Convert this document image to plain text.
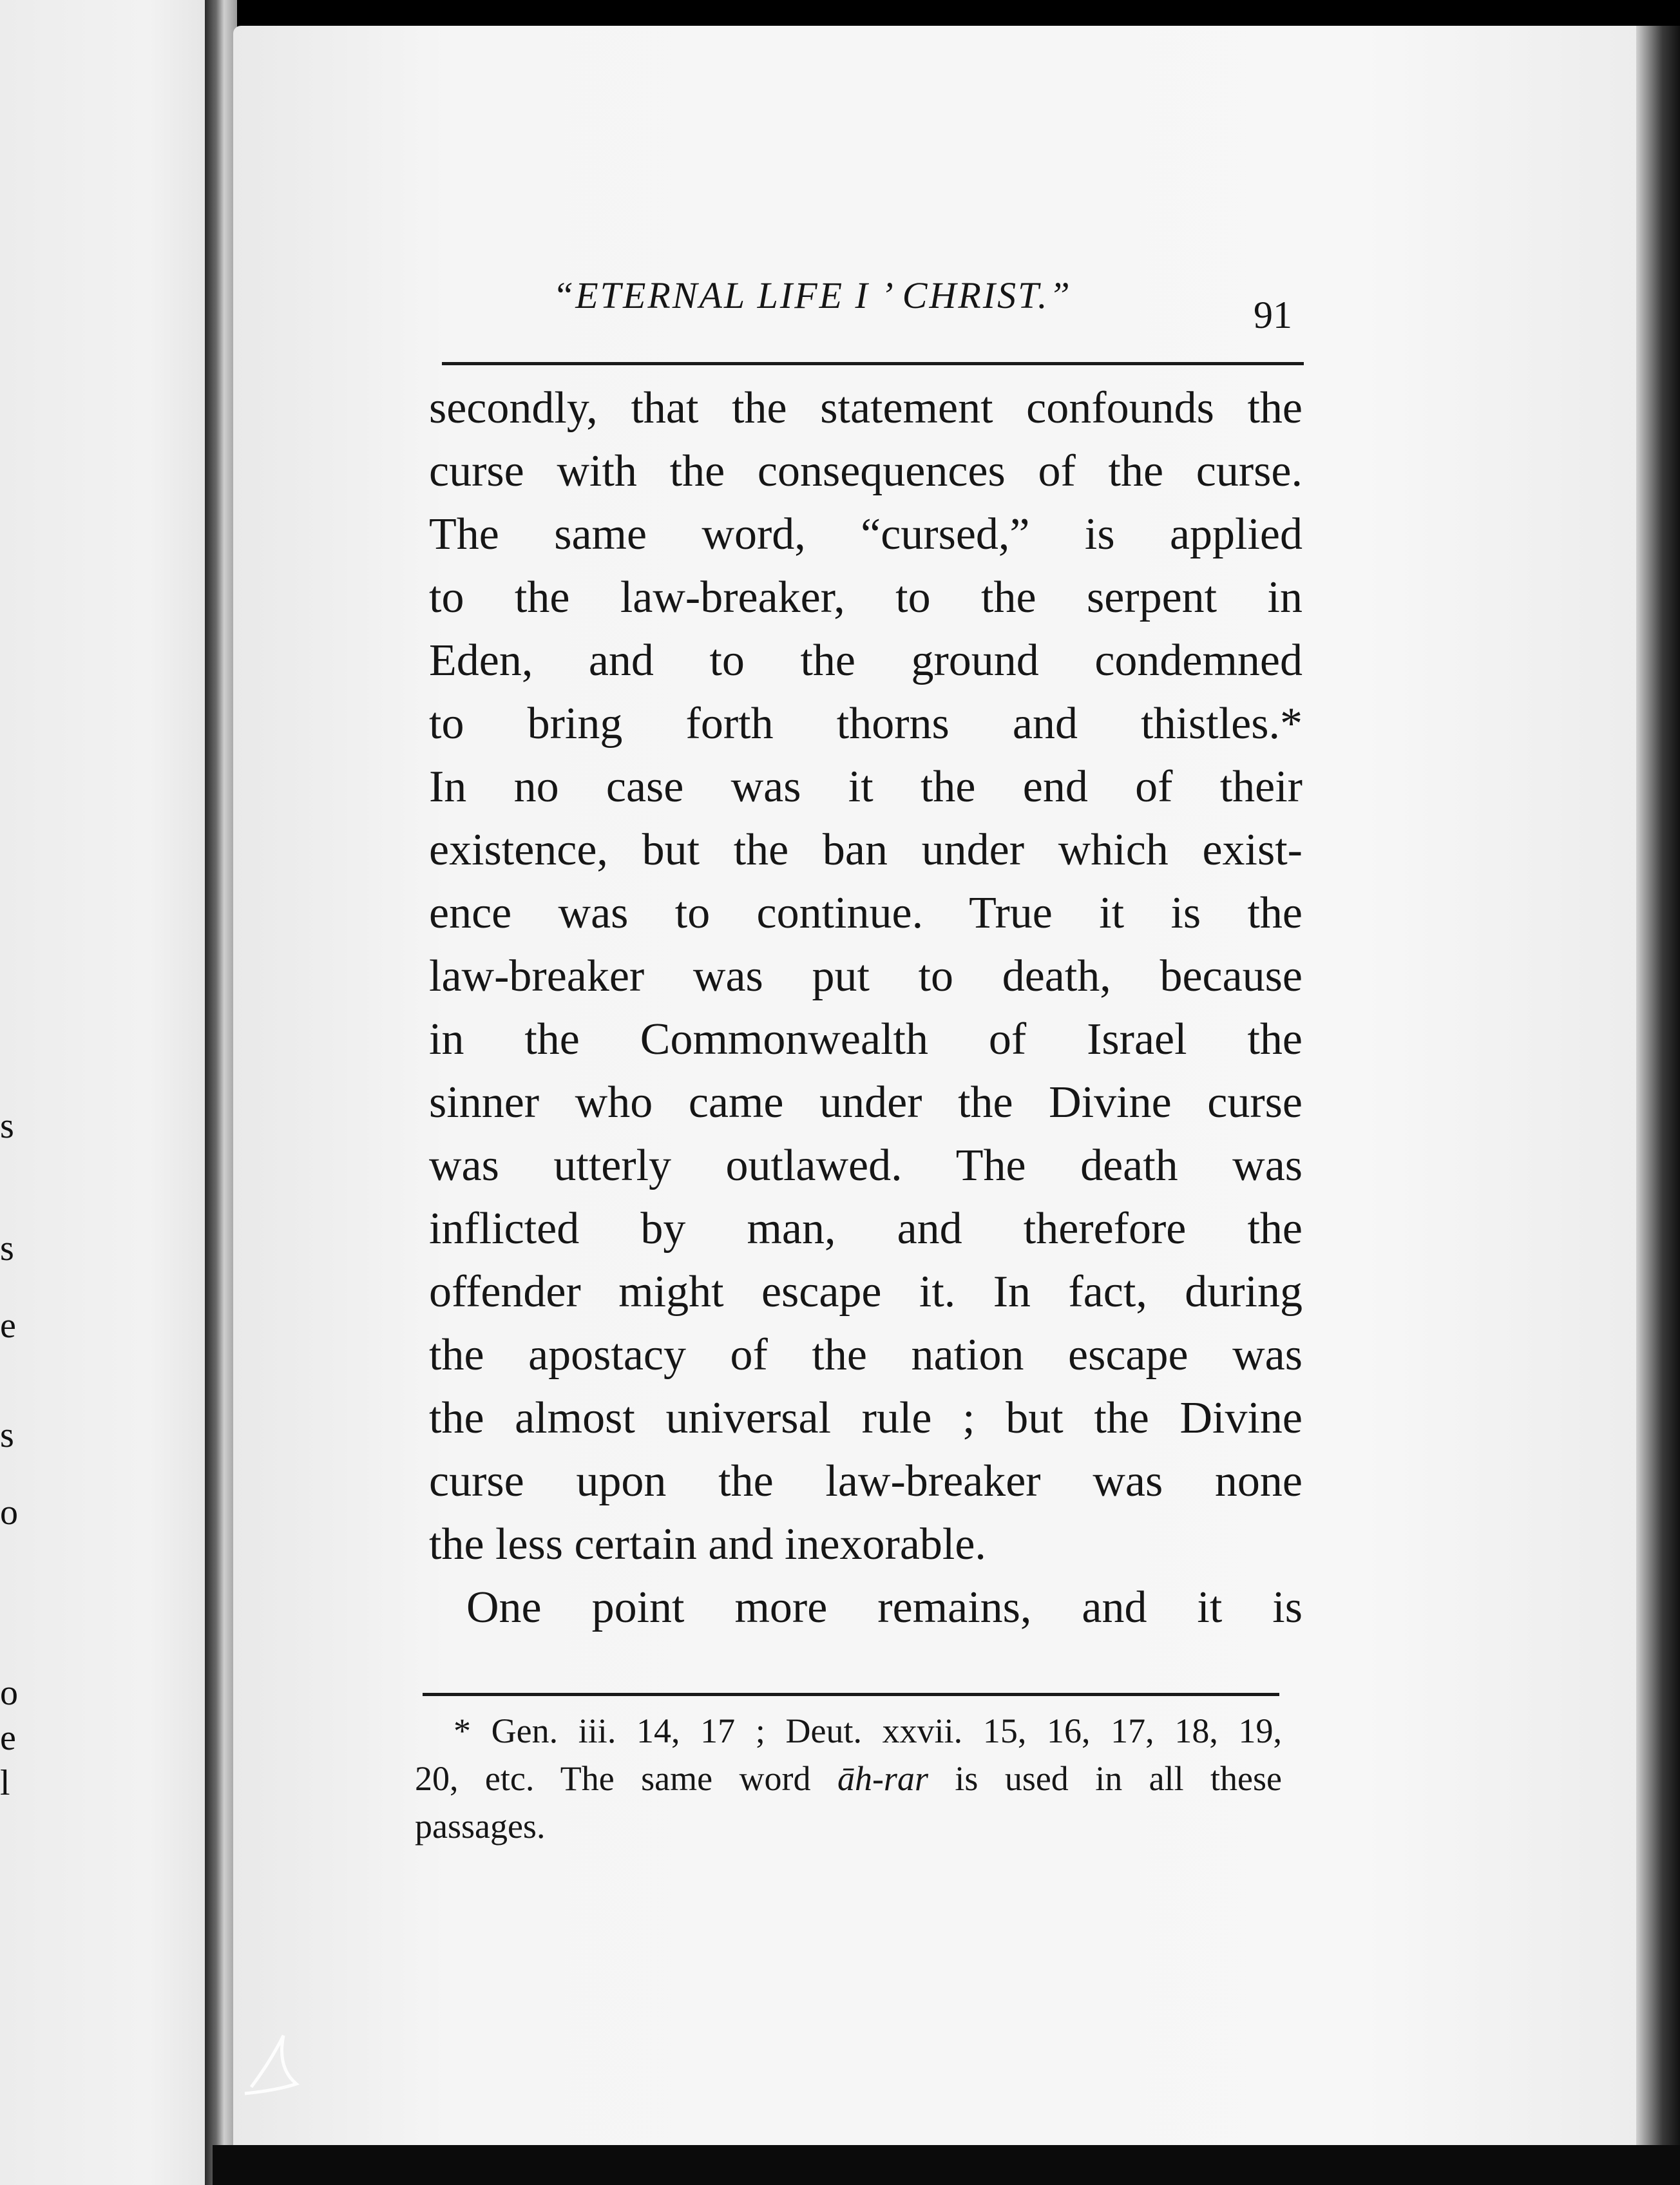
s
s
e
s
o
o
e
l
“ETERNAL LIFE I ’ CHRIST.”	91
secondly, that the statement confounds the
curse with the consequences of the curse.
The same word, “cursed,” is applied
to the law-breaker, to the serpent in
Eden, and to the ground condemned
to bring forth thorns and thistles.*
In no case was it the end of their
existence, but the ban under which exist-
ence was to continue. True it is the
law-breaker was put to death, because
in the Commonwealth of Israel the
sinner who came under the Divine curse
was utterly outlawed. The death was
inflicted by man, and therefore the
offender might escape it. In fact, during
the apostacy of the nation escape was
the almost universal rule ; but the Divine
curse upon the law-breaker was none
the less certain and inexorable.
One point more remains, and it is
* Gen. iii. 14, 17 ; Deut. xxvii. 15, 16, 17, 18, 19,
20, etc. The same word āh-rar is used in all these
passages.
